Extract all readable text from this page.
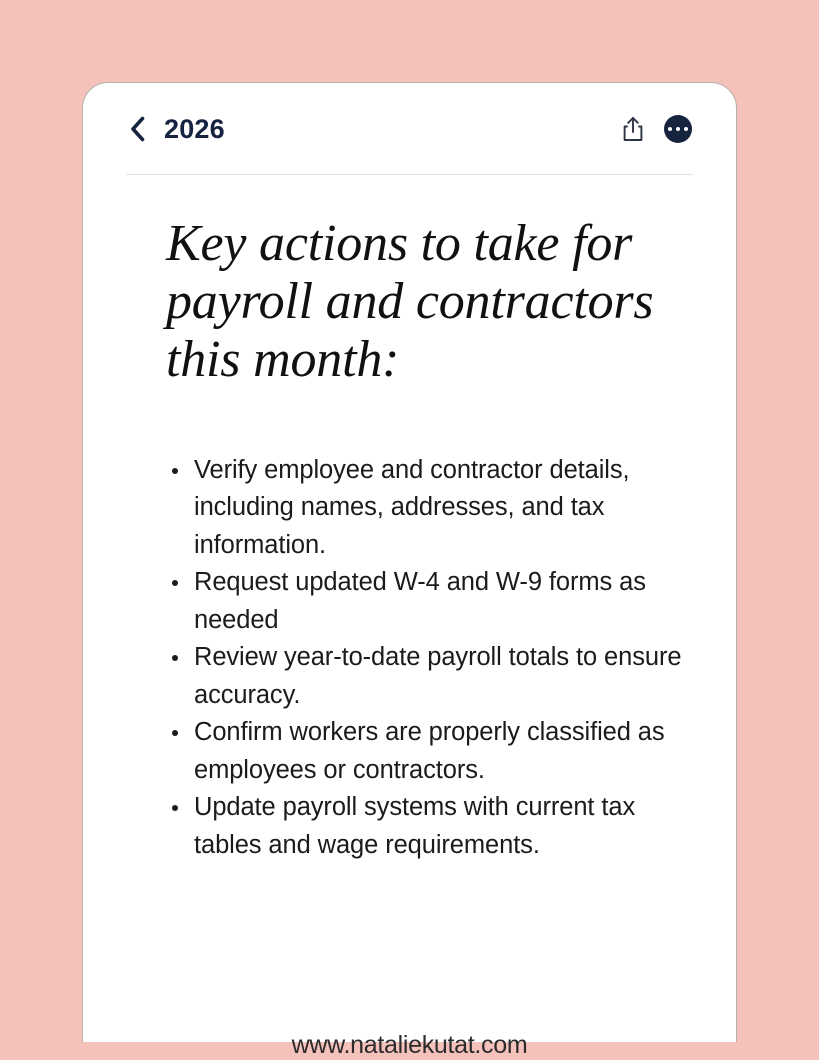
2026
Key actions to take for payroll and contractors this month:
Verify employee and contractor details, including names, addresses, and tax information.
Request updated W-4 and W-9 forms as needed
Review year-to-date payroll totals to ensure accuracy.
Confirm workers are properly classified as employees or contractors.
Update payroll systems with current tax tables and wage requirements.
www.nataliekutat.com
